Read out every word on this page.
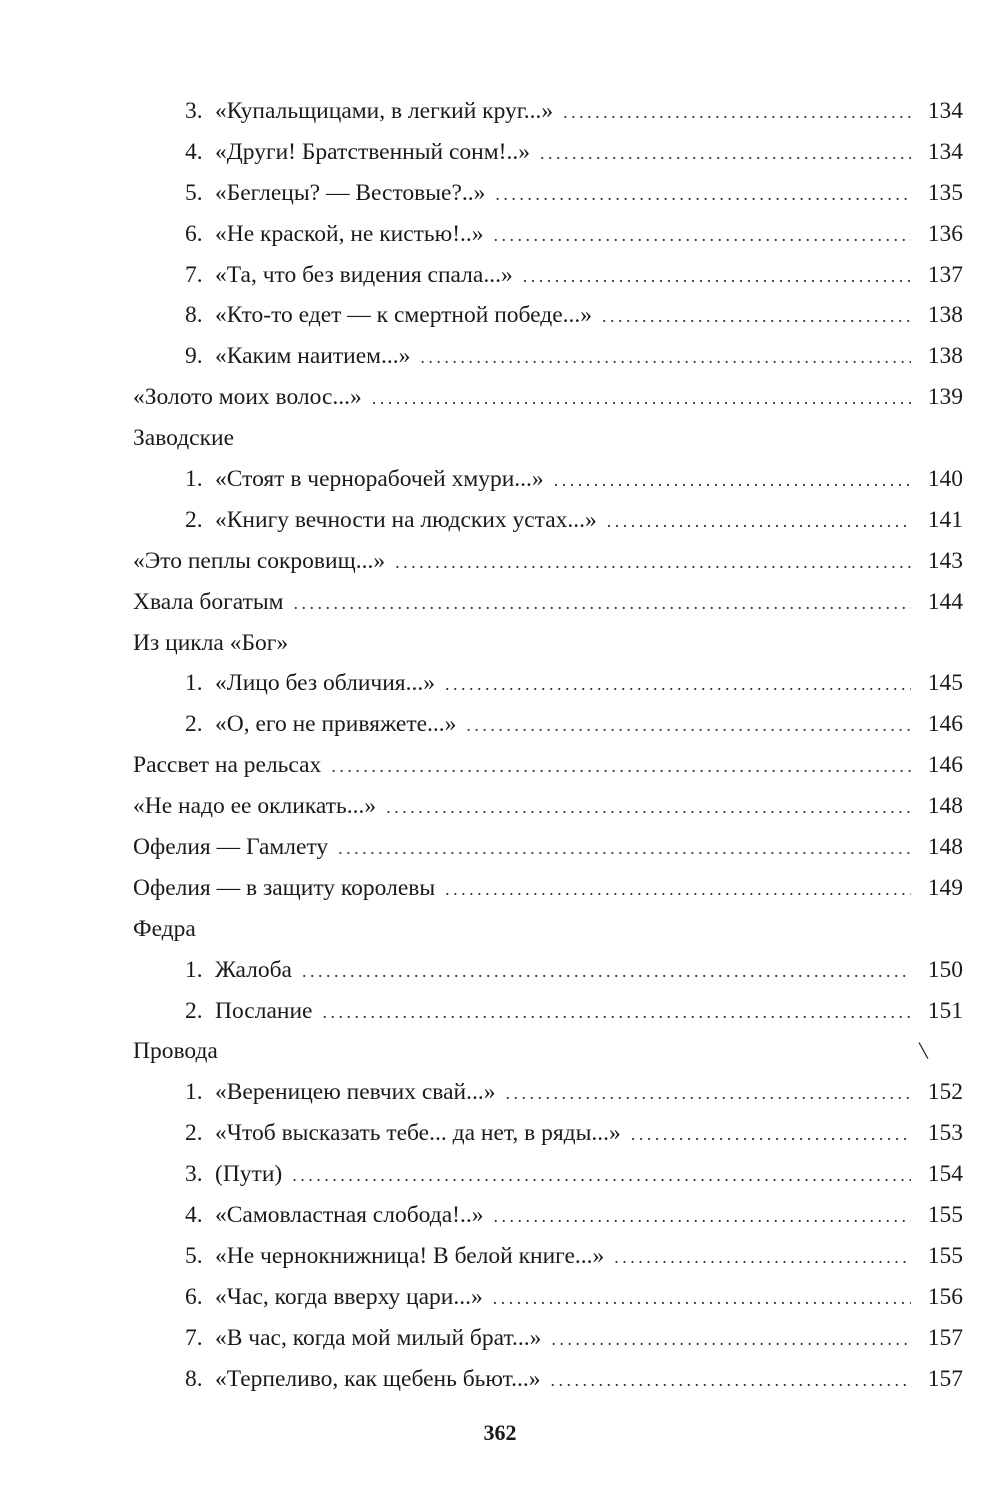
3. «Купальщицами, в легкий круг...» . . .	134
4. «Други! Братственный сонм!..» . . .	134
5. «Беглецы? — Вестовые?..» . . .	135
6. «Не краской, не кистью!..» . . .	136
7. «Та, что без видения спала...» . . .	137
8. «Кто-то едет — к смертной победе...» . . .	138
9. «Каким наитием...» . . .	138
«Золото моих волос...» . . .	139
Заводские
1. «Стоят в чернорабочей хмури...» . . .	140
2. «Книгу вечности на людских устах...» . . .	141
«Это пеплы сокровищ...» . . .	143
Хвала богатым . . .	144
Из цикла «Бог»
1. «Лицо без обличия...» . . .	145
2. «О, его не привяжете...» . . .	146
Рассвет на рельсах . . .	146
«Не надо ее окликать...» . . .	148
Офелия — Гамлету . . .	148
Офелия — в защиту королевы . . .	149
Федра
1. Жалоба . . .	150
2. Послание . . .	151
Провода	\
1. «Вереницею певчих свай...» . . .	152
2. «Чтоб высказать тебе... да нет, в ряды...» . . .	153
3. (Пути) . . .	154
4. «Самовластная слобода!..» . . .	155
5. «Не чернокнижница! В белой книге...» . . .	155
6. «Час, когда вверху цари...» . . .	156
7. «В час, когда мой милый брат...» . . .	157
8. «Терпеливо, как щебень бьют...» . . .	157
362
